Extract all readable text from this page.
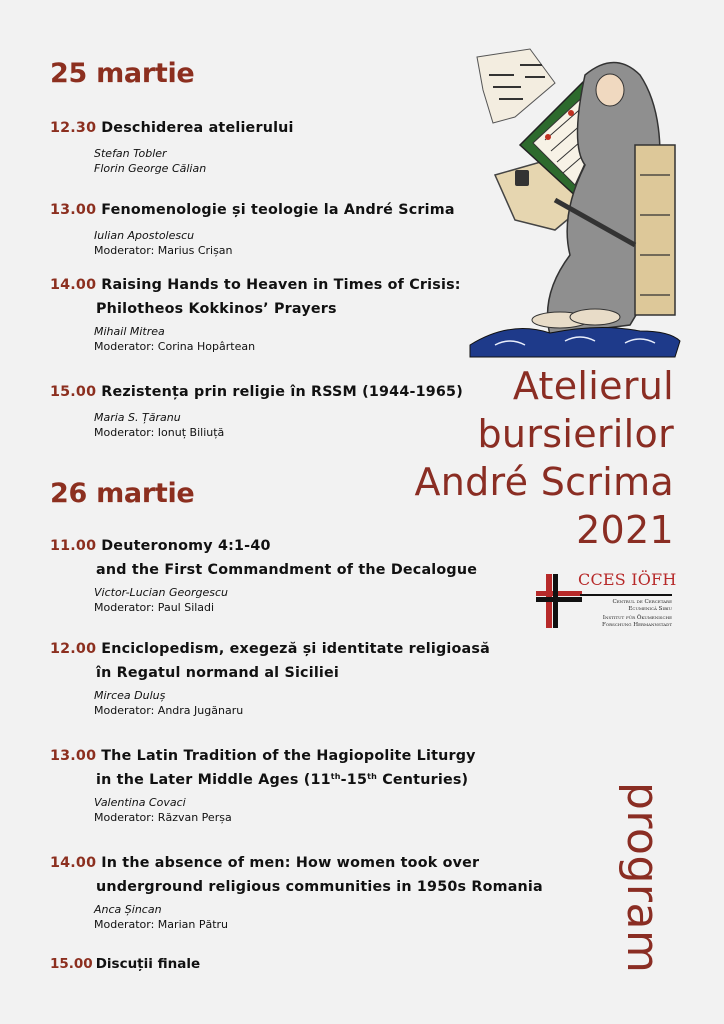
25 martie
12.30 Deschiderea atelierului
Stefan Tobler
Florin George Călian
13.00 Fenomenologie și teologie la André Scrima
Iulian Apostolescu
Moderator: Marius Crișan
14.00 Raising Hands to Heaven in Times of Crisis:
Philotheos Kokkinos’ Prayers
Mihail Mitrea
Moderator: Corina Hopârtean
15.00 Rezistența prin religie în RSSM (1944-1965)
Maria S. Țăranu
Moderator: Ionuț Biliuță
26 martie
11.00 Deuteronomy 4:1-40
and the First Commandment of the Decalogue
Victor-Lucian Georgescu
Moderator: Paul Siladi
12.00 Enciclopedism, exegeză și identitate religioasă
în Regatul normand al Siciliei
Mircea Duluș
Moderator: Andra Jugănaru
13.00 The Latin Tradition of the Hagiopolite Liturgy
in the Later Middle Ages (11th-15th Centuries)
Valentina Covaci
Moderator: Răzvan Perșa
14.00 In the absence of men: How women took over
underground religious communities in 1950s Romania
Anca Șincan
Moderator: Marian Pătru
15.00 Discuții finale
Atelierul
bursierilor
André Scrima
2021
CCES IÖFH
Centrul de Cercetare
Ecumenică Sibiu
Institut für Ökumenische
Forschung Hermannstadt
program
